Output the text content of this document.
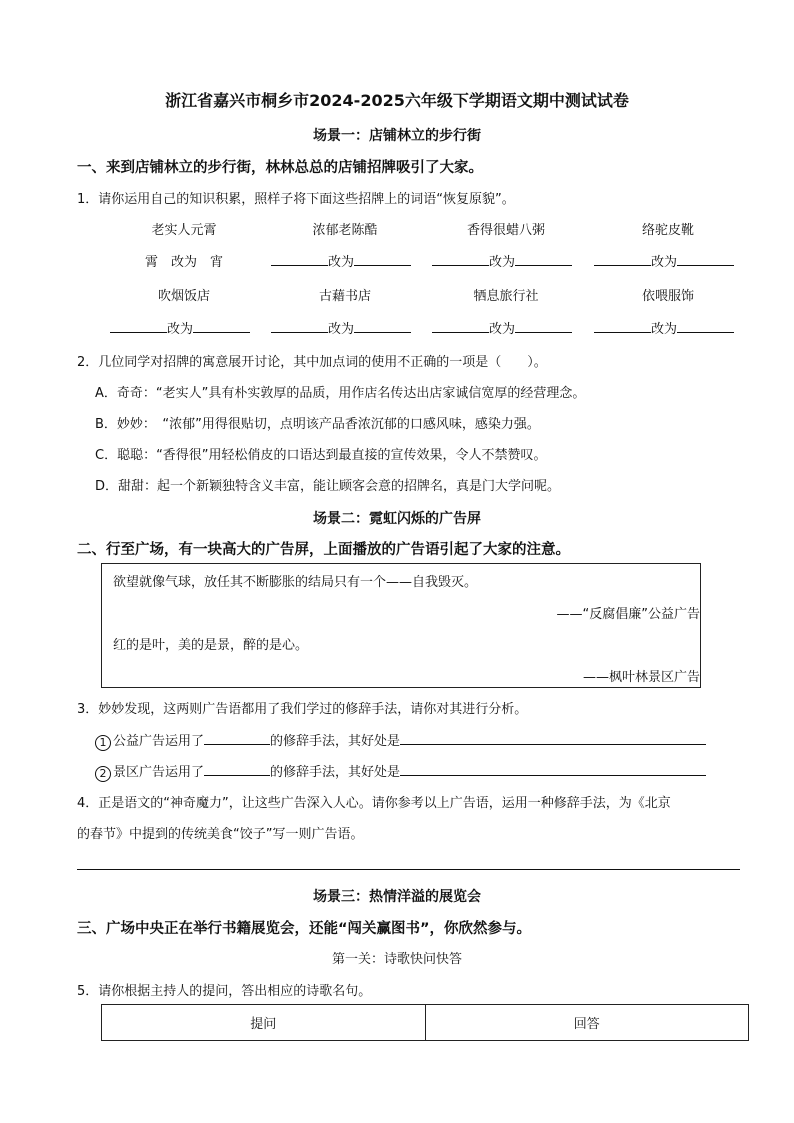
浙江省嘉兴市桐乡市2024-2025六年级下学期语文期中测试试卷
场景一：店铺林立的步行街
一、来到店铺林立的步行街，林林总总的店铺招牌吸引了大家。
1．请你运用自己的知识积累，照样子将下面这些招牌上的词语“恢复原貌”。
老实人元霄	浓郁老陈酷	香得很蜡八粥	络驼皮靴
霄　改为　宵	改为	改为	改为
吹烟饭店	古藉书店	牺息旅行社	依喂服饰
改为	改为	改为	改为
2．几位同学对招牌的寓意展开讨论，其中加点词的使用不正确的一项是（　　）。
A．奇奇：“老实人”具有朴实敦厚的品质，用作店名传达出店家诚信宽厚的经营理念。
B．妙妙：　“浓郁”用得很贴切，点明该产品香浓沉郁的口感风味，感染力强。
C．聪聪：“香得很”用轻松俏皮的口语达到最直接的宣传效果，令人不禁赞叹。
D．甜甜：起一个新颖独特含义丰富，能让顾客会意的招牌名，真是门大学问呢。
场景二：霓虹闪烁的广告屏
二、行至广场，有一块高大的广告屏，上面播放的广告语引起了大家的注意。
欲望就像气球，放任其不断膨胀的结局只有一个——自我毁灭。
——“反腐倡廉”公益广告
红的是叶，美的是景，醉的是心。
——枫叶林景区广告
3．妙妙发现，这两则广告语都用了我们学过的修辞手法，请你对其进行分析。
1 公益广告运用了	的修辞手法，其好处是
2 景区广告运用了	的修辞手法，其好处是
4．正是语文的“神奇魔力”，让这些广告深入人心。请你参考以上广告语，运用一种修辞手法，为《北京
的春节》中提到的传统美食“饺子”写一则广告语。
场景三：热情洋溢的展览会
三、广场中央正在举行书籍展览会，还能“闯关赢图书”，你欣然参与。
第一关：诗歌快问快答
5．请你根据主持人的提问，答出相应的诗歌名句。
提问	回答
